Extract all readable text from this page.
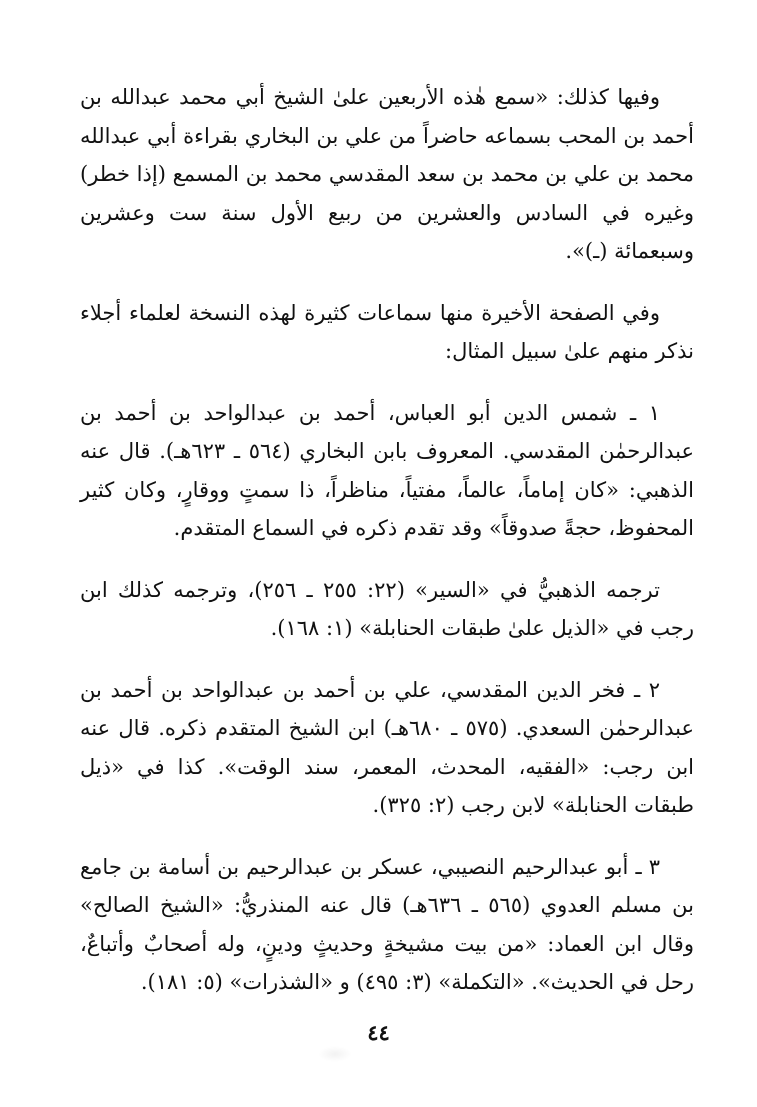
وفيها كذلك: «سمع هٰذه الأربعين علىٰ الشيخ أبي محمد عبدالله بن أحمد بن المحب بسماعه حاضراً من علي بن البخاري بقراءة أبي عبدالله محمد بن علي بن محمد بن سعد المقدسي محمد بن المسمع (إذا خطر) وغيره في السادس والعشرين من ربيع الأول سنة ست وعشرين وسبعمائة (ـ)».

وفي الصفحة الأخيرة منها سماعات كثيرة لهذه النسخة لعلماء أجلاء نذكر منهم علىٰ سبيل المثال:

١ ـ شمس الدين أبو العباس، أحمد بن عبدالواحد بن أحمد بن عبدالرحمٰن المقدسي. المعروف بابن البخاري (٥٦٤ ـ ٦٢٣هـ). قال عنه الذهبي: «كان إماماً، عالماً، مفتياً، مناظراً، ذا سمتٍ ووقارٍ، وكان كثير المحفوظ، حجةً صدوقاً» وقد تقدم ذكره في السماع المتقدم.

ترجمه الذهبيُّ في «السير» (٢٢: ٢٥٥ ـ ٢٥٦)، وترجمه كذلك ابن رجب في «الذيل علىٰ طبقات الحنابلة» (١: ١٦٨).

٢ ـ فخر الدين المقدسي، علي بن أحمد بن عبدالواحد بن أحمد بن عبدالرحمٰن السعدي. (٥٧٥ ـ ٦٨٠هـ) ابن الشيخ المتقدم ذكره. قال عنه ابن رجب: «الفقيه، المحدث، المعمر، سند الوقت». كذا في «ذيل طبقات الحنابلة» لابن رجب (٢: ٣٢٥).

٣ ـ أبو عبدالرحيم النصيبي، عسكر بن عبدالرحيم بن أسامة بن جامع بن مسلم العدوي (٥٦٥ ـ ٦٣٦هـ) قال عنه المنذريُّ: «الشيخ الصالح» وقال ابن العماد: «من بيت مشيخةٍ وحديثٍ ودينٍ، وله أصحابٌ وأتباعٌ، رحل في الحديث». «التكملة» (٣: ٤٩٥) و «الشذرات» (٥: ١٨١).

٤٤
